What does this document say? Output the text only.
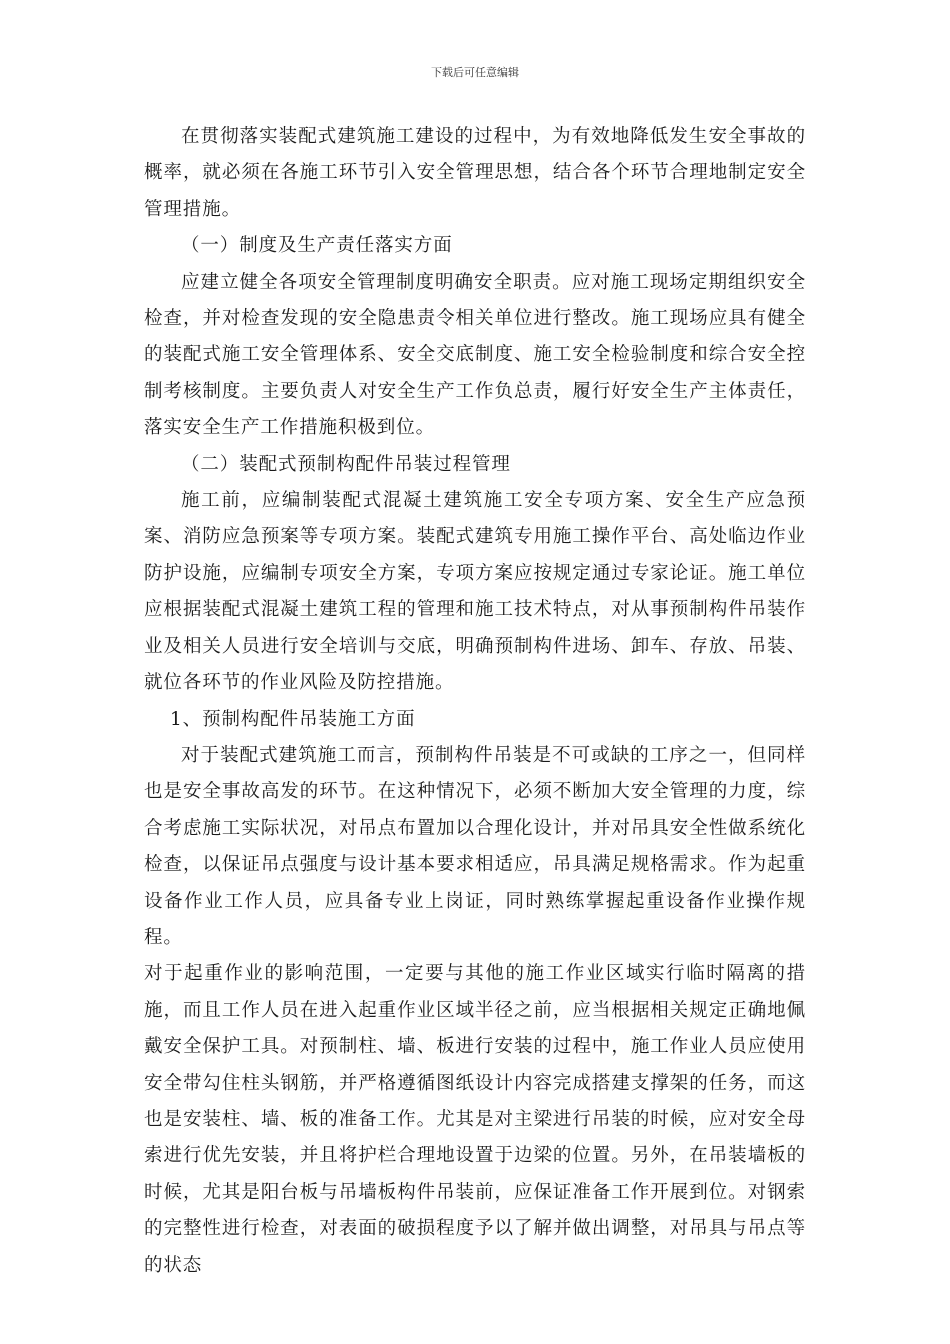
下载后可任意编辑

在贯彻落实装配式建筑施工建设的过程中，为有效地降低发生安全事故的概率，就必须在各施工环节引入安全管理思想，结合各个环节合理地制定安全管理措施。

（一）制度及生产责任落实方面

应建立健全各项安全管理制度明确安全职责。应对施工现场定期组织安全检查，并对检查发现的安全隐患责令相关单位进行整改。施工现场应具有健全的装配式施工安全管理体系、安全交底制度、施工安全检验制度和综合安全控制考核制度。主要负责人对安全生产工作负总责，履行好安全生产主体责任，落实安全生产工作措施积极到位。

（二）装配式预制构配件吊装过程管理

施工前，应编制装配式混凝土建筑施工安全专项方案、安全生产应急预案、消防应急预案等专项方案。装配式建筑专用施工操作平台、高处临边作业防护设施，应编制专项安全方案，专项方案应按规定通过专家论证。施工单位应根据装配式混凝土建筑工程的管理和施工技术特点，对从事预制构件吊装作业及相关人员进行安全培训与交底，明确预制构件进场、卸车、存放、吊装、就位各环节的作业风险及防控措施。

1、预制构配件吊装施工方面

对于装配式建筑施工而言，预制构件吊装是不可或缺的工序之一，但同样也是安全事故高发的环节。在这种情况下，必须不断加大安全管理的力度，综合考虑施工实际状况，对吊点布置加以合理化设计，并对吊具安全性做系统化检查，以保证吊点强度与设计基本要求相适应，吊具满足规格需求。作为起重设备作业工作人员，应具备专业上岗证，同时熟练掌握起重设备作业操作规程。

对于起重作业的影响范围，一定要与其他的施工作业区域实行临时隔离的措施，而且工作人员在进入起重作业区域半径之前，应当根据相关规定正确地佩戴安全保护工具。对预制柱、墙、板进行安装的过程中，施工作业人员应使用安全带勾住柱头钢筋，并严格遵循图纸设计内容完成搭建支撑架的任务，而这也是安装柱、墙、板的准备工作。尤其是对主梁进行吊装的时候，应对安全母索进行优先安装，并且将护栏合理地设置于边梁的位置。另外，在吊装墙板的时候，尤其是阳台板与吊墙板构件吊装前，应保证准备工作开展到位。对钢索的完整性进行检查，对表面的破损程度予以了解并做出调整，对吊具与吊点等的状态
